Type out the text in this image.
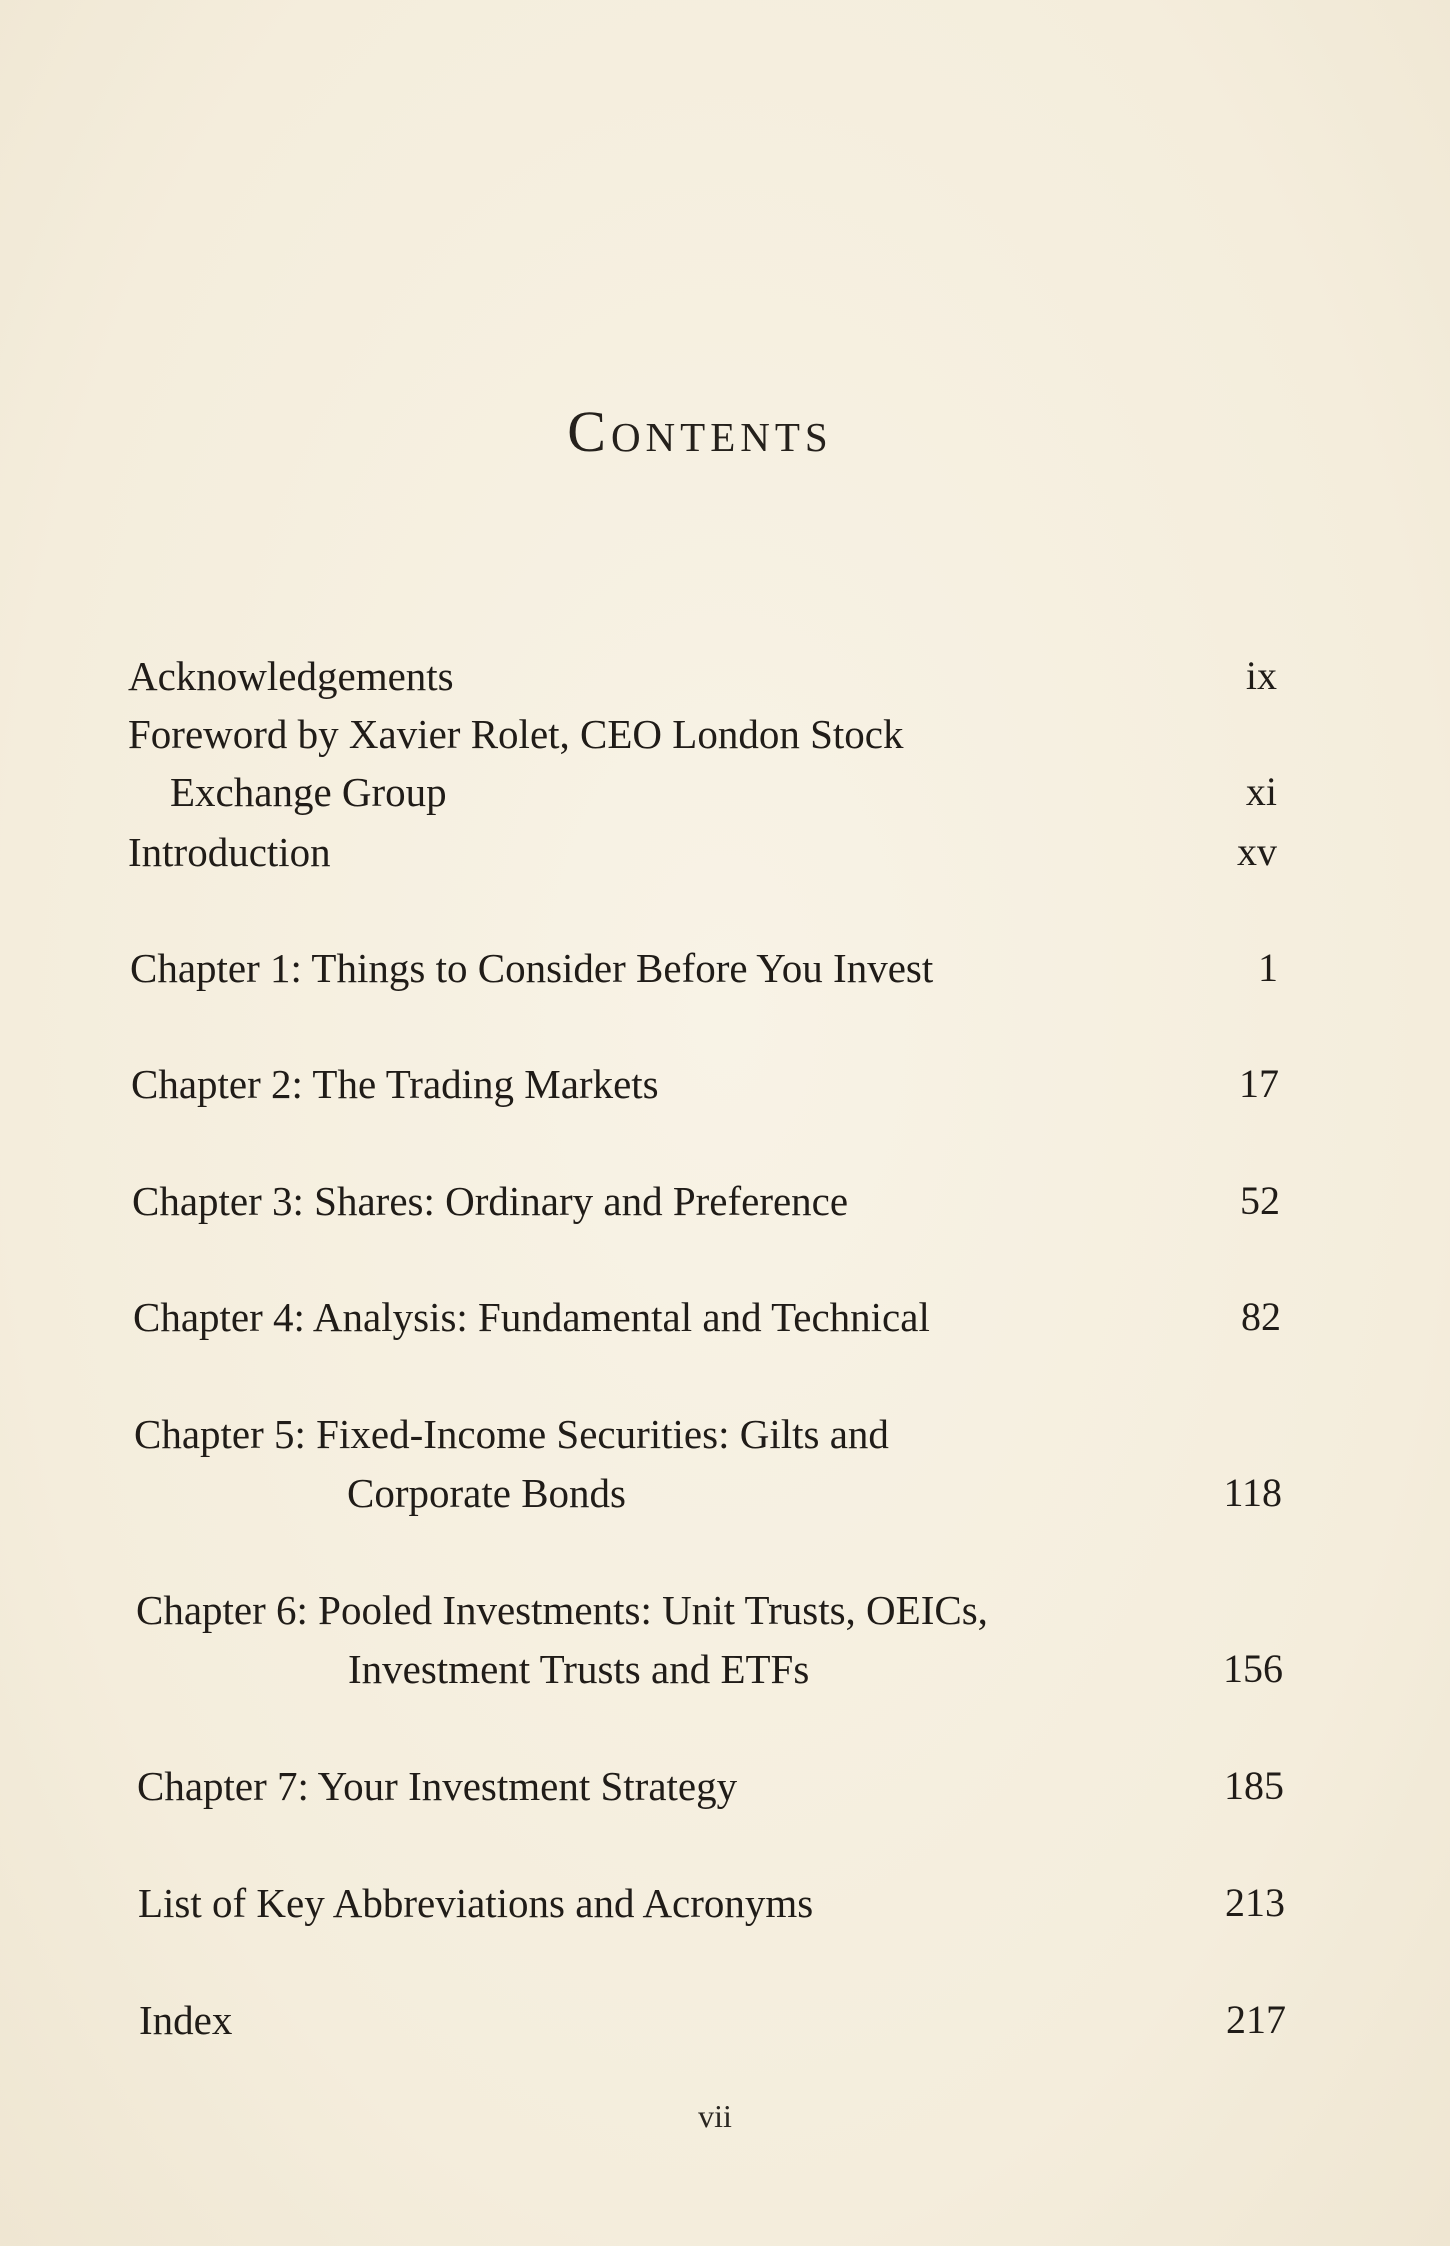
Contents
Acknowledgements	ix
Foreword by Xavier Rolet, CEO London Stock
Exchange Group	xi
Introduction	xv
Chapter 1: Things to Consider Before You Invest	1
Chapter 2: The Trading Markets	17
Chapter 3: Shares: Ordinary and Preference	52
Chapter 4: Analysis: Fundamental and Technical	82
Chapter 5: Fixed-Income Securities: Gilts and
Corporate Bonds	118
Chapter 6: Pooled Investments: Unit Trusts, OEICs,
Investment Trusts and ETFs	156
Chapter 7: Your Investment Strategy	185
List of Key Abbreviations and Acronyms	213
Index	217
vii
